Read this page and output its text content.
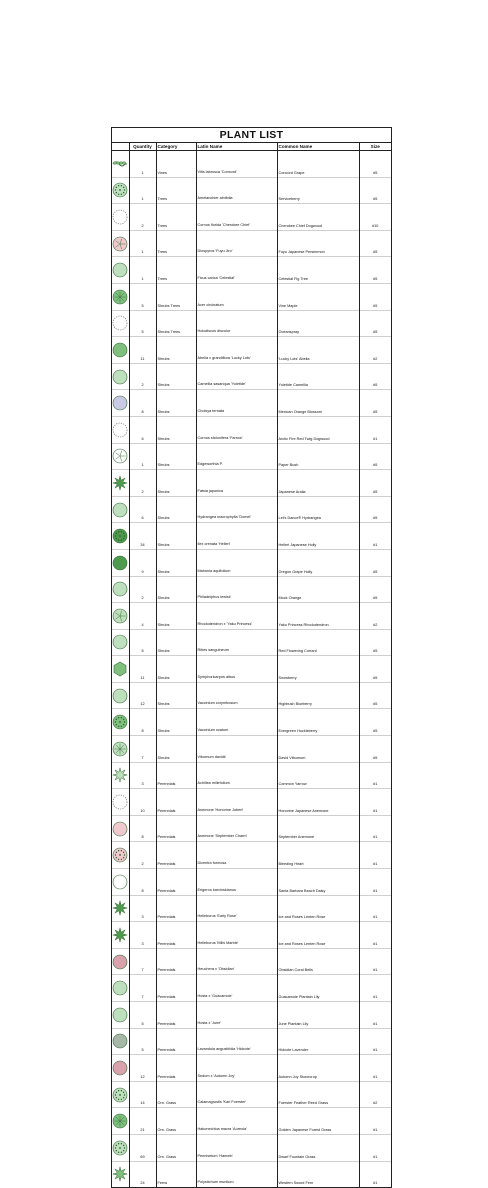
PLANT LIST
	Quantity	Category	Latin Name	Common Name	Size

	1	Vines	Vitis labrusca 'Concord'	Concord Grape	#5

	1	Trees	Amelanchier alnifolia	Serviceberry	#5

	2	Trees	Cornus florida 'Cherokee Chief'	Cherokee Chief Dogwood	#10

	1	Trees	Diospyros 'Fuyu Jiro'	Fuyu Japanese Persimmon	#5

	1	Trees	Ficus carica 'Celestial'	Celestial Fig Tree	#5

	5	Shrubs Trees	Acer circinatum	Vine Maple	#5

	5	Shrubs Trees	Holodiscus discolor	Oceanspray	#5

	11	Shrubs	Abelia x grandiflora 'Lucky Lots'	'Lucky Lots' Abelia	#2

	2	Shrubs	Camellia sasanqua 'Yuletide'	Yuletide Camellia	#5

	8	Shrubs	Choisya ternata	Mexican Orange Blossom	#5

	6	Shrubs	Cornus stolonifera 'Farrow'	Arctic Fire Red Twig Dogwood	#1

	1	Shrubs	Edgeworthia P.	Paper Bush	#5

	2	Shrubs	Fatsia japonica	Japanese Aralia	#5

	6	Shrubs	Hydrangea macrophylla 'Domel'	Let's Dance® Hydrangea	#5

	34	Shrubs	Ilex crenata 'Helleri'	Helleri Japanese Holly	#1

	9	Shrubs	Mahonia aquifolium	Oregon Grape Holly	#5

	2	Shrubs	Philadelphus lewisii	Mock Orange	#5

	4	Shrubs	Rhododendron x 'Yaku Princess'	Yaku Princess Rhododendron	#2

	5	Shrubs	Ribes sanguineum	Red Flowering Currant	#5

	11	Shrubs	Symphoricarpos albus	Snowberry	#5

	12	Shrubs	Vaccinium corymbosum	Highbush Blueberry	#5

	8	Shrubs	Vaccinium ovatum	Evergreen Huckleberry	#5

	7	Shrubs	Viburnum davidii	David Viburnum	#5

	3	Perennials	Achillea millefolium	Common Yarrow	#1

	10	Perennials	Anemone 'Honorine Jobert'	Honorine Japanese Anemone	#1

	8	Perennials	Anemone 'September Charm'	September Anemone	#1

	2	Perennials	Dicentra formosa	Bleeding Heart	#1

	8	Perennials	Erigeron karvinskianus	Santa Barbara Beach Daisy	#1

	3	Perennials	Helleborus 'Early Rose'	Ice and Roses Lenten Rose	#1

	3	Perennials	Helleborus 'Mills Marble'	Ice and Roses Lenten Rose	#1

	7	Perennials	Heuchera x 'Obsidian'	Obsidian Coral Bells	#1

	7	Perennials	Hosta x 'Guacamole'	Guacamole Plantain Lily	#1

	5	Perennials	Hosta x 'June'	June Plantain Lily	#1

	5	Perennials	Lavandula angustifolia 'Hidcote'	Hidcote Lavender	#1

	12	Perennials	Sedum x 'Autumn Joy'	Autumn Joy Stonecrop	#1

	14	Orn. Grass	Calamagrostis 'Karl Foerster'	Foerster Feather Reed Grass	#2

	21	Orn. Grass	Hakonechloa macra 'Aureola'	Golden Japanese Forest Grass	#1

	69	Orn. Grass	Pennisetum 'Hameln'	Dwarf Fountain Grass	#1

	24	Ferns	Polystichum munitum	Western Sword Fern	#1
